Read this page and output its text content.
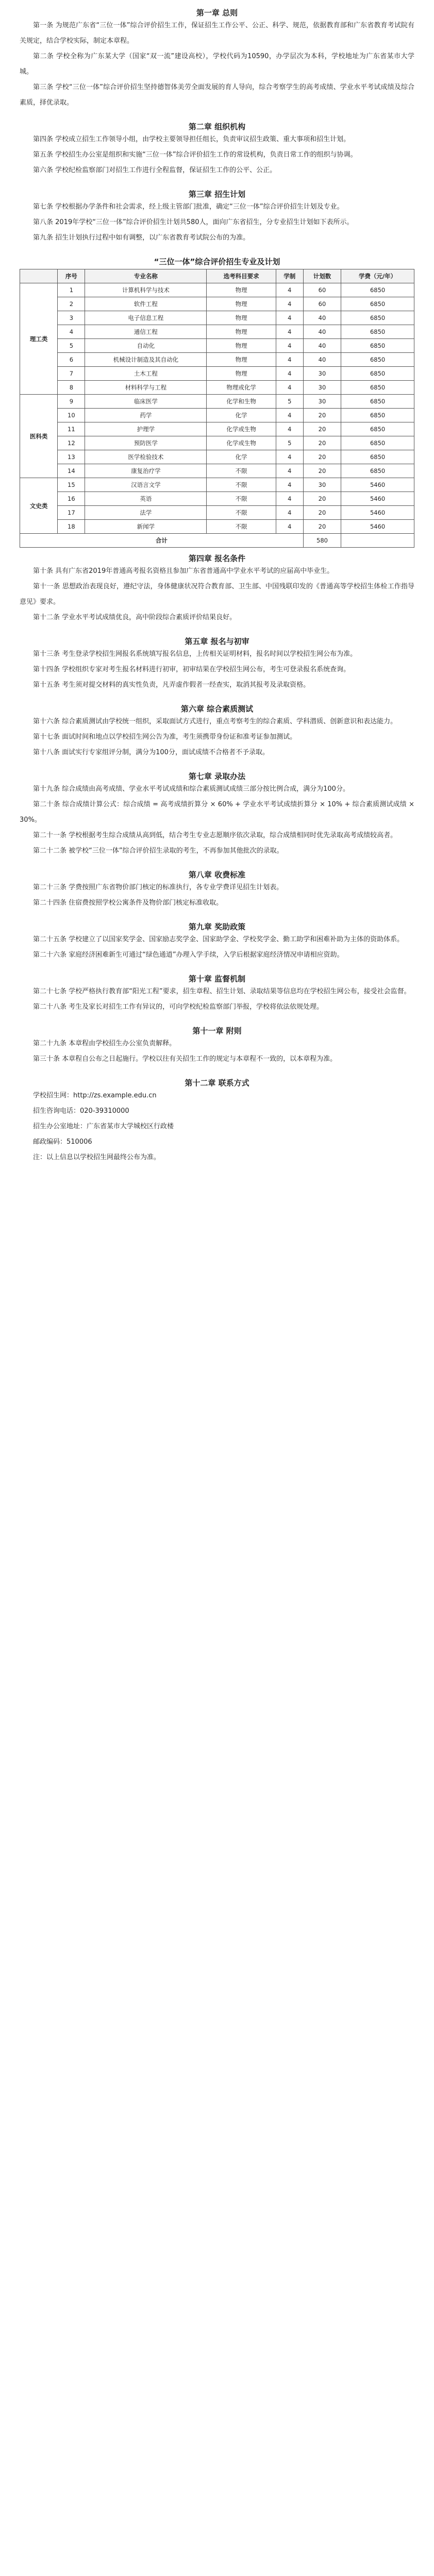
第一章 总则

第一条 为规范广东省“三位一体”综合评价招生工作，保证招生工作公平、公正、科学、规范，依据教育部和广东省教育考试院有关规定，结合学校实际，制定本章程。

第二条 学校全称为广东某大学（国家“双一流”建设高校），学校代码为10590，办学层次为本科，学校地址为广东省某市大学城。

第三条 学校“三位一体”综合评价招生坚持德智体美劳全面发展的育人导向，综合考察学生的高考成绩、学业水平考试成绩及综合素质，择优录取。

第二章 组织机构

第四条 学校成立招生工作领导小组，由学校主要领导担任组长，负责审议招生政策、重大事项和招生计划。

第五条 学校招生办公室是组织和实施“三位一体”综合评价招生工作的常设机构，负责日常工作的组织与协调。

第六条 学校纪检监察部门对招生工作进行全程监督，保证招生工作的公平、公正。

第三章 招生计划

第七条 学校根据办学条件和社会需求，经上级主管部门批准，确定“三位一体”综合评价招生计划及专业。

第八条 2019年学校“三位一体”综合评价招生计划共580人，面向广东省招生，分专业招生计划如下表所示。

第九条 招生计划执行过程中如有调整，以广东省教育考试院公布的为准。

“三位一体”综合评价招生专业及计划

	序号	专业名称	选考科目要求	学制	计划数	学费（元/年）
理工类	1	计算机科学与技术	物理	4	60	6850
	2	软件工程	物理	4	60	6850
	3	电子信息工程	物理	4	40	6850
	4	通信工程	物理	4	40	6850
	5	自动化	物理	4	40	6850
	6	机械设计制造及其自动化	物理	4	40	6850
	7	土木工程	物理	4	30	6850
	8	材料科学与工程	物理或化学	4	30	6850
医科类	9	临床医学	化学和生物	5	30	6850
	10	药学	化学	4	20	6850
	11	护理学	化学或生物	4	20	6850
	12	预防医学	化学或生物	5	20	6850
	13	医学检验技术	化学	4	20	6850
	14	康复治疗学	不限	4	20	6850
文史类	15	汉语言文学	不限	4	30	5460
	16	英语	不限	4	20	5460
	17	法学	不限	4	20	5460
	18	新闻学	不限	4	20	5460
合计					580	

第四章 报名条件

第十条 具有广东省2019年普通高考报名资格且参加广东省普通高中学业水平考试的应届高中毕业生。

第十一条 思想政治表现良好，遵纪守法，身体健康状况符合教育部、卫生部、中国残联印发的《普通高等学校招生体检工作指导意见》要求。

第十二条 学业水平考试成绩优良，高中阶段综合素质评价结果良好。

第五章 报名与初审

第十三条 考生登录学校招生网报名系统填写报名信息，上传相关证明材料，报名时间以学校招生网公布为准。

第十四条 学校组织专家对考生报名材料进行初审，初审结果在学校招生网公布，考生可登录报名系统查询。

第十五条 考生须对提交材料的真实性负责，凡弄虚作假者一经查实，取消其报考及录取资格。

第六章 综合素质测试

第十六条 综合素质测试由学校统一组织，采取面试方式进行，重点考察考生的综合素质、学科潜质、创新意识和表达能力。

第十七条 面试时间和地点以学校招生网公告为准，考生须携带身份证和准考证参加测试。

第十八条 面试实行专家组评分制，满分为100分，面试成绩不合格者不予录取。

第七章 录取办法

第十九条 综合成绩由高考成绩、学业水平考试成绩和综合素质测试成绩三部分按比例合成，满分为100分。

第二十条 综合成绩计算公式：综合成绩 = 高考成绩折算分 × 60% + 学业水平考试成绩折算分 × 10% + 综合素质测试成绩 × 30%。

第二十一条 学校根据考生综合成绩从高到低，结合考生专业志愿顺序依次录取，综合成绩相同时优先录取高考成绩较高者。

第二十二条 被学校“三位一体”综合评价招生录取的考生，不再参加其他批次的录取。

第八章 收费标准

第二十三条 学费按照广东省物价部门核定的标准执行，各专业学费详见招生计划表。

第二十四条 住宿费按照学校公寓条件及物价部门核定标准收取。

第九章 奖助政策

第二十五条 学校建立了以国家奖学金、国家励志奖学金、国家助学金、学校奖学金、勤工助学和困难补助为主体的资助体系。

第二十六条 家庭经济困难新生可通过“绿色通道”办理入学手续，入学后根据家庭经济情况申请相应资助。

第十章 监督机制

第二十七条 学校严格执行教育部“阳光工程”要求，招生章程、招生计划、录取结果等信息均在学校招生网公布，接受社会监督。

第二十八条 考生及家长对招生工作有异议的，可向学校纪检监察部门举报，学校将依法依规处理。

第十一章 附则

第二十九条 本章程由学校招生办公室负责解释。

第三十条 本章程自公布之日起施行。学校以往有关招生工作的规定与本章程不一致的，以本章程为准。

第十二章 联系方式

学校招生网：http://zs.example.edu.cn

招生咨询电话：020-39310000

招生办公室地址：广东省某市大学城校区行政楼

邮政编码：510006

注：以上信息以学校招生网最终公布为准。
